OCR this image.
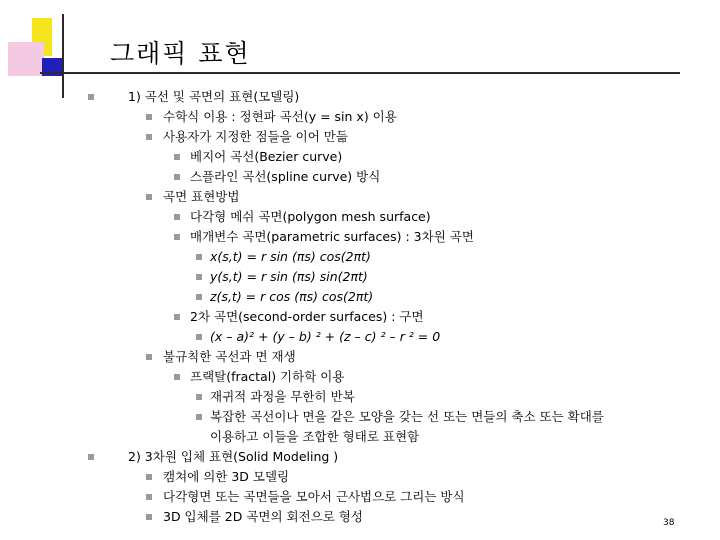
그래픽 표현
1) 곡선 및 곡면의 표현(모델링)
수학식 이용 : 정현파 곡선(y = sin x) 이용
사용자가 지정한 점들을 이어 만듦
베지어 곡선(Bezier curve)
스플라인 곡선(spline curve) 방식
곡면 표현방법
다각형 메쉬 곡면(polygon mesh surface)
매개변수 곡면(parametric surfaces) : 3차원 곡면
x(s,t) = r sin (πs) cos(2πt)
y(s,t) = r sin (πs) sin(2πt)
z(s,t) = r cos (πs) cos(2πt)
2차 곡면(second-order surfaces) : 구면
(x – a)² + (y – b) ² + (z – c) ² – r ² = 0
불규칙한 곡선과 면 재생
프랙탈(fractal) 기하학 이용
재귀적 과정을 무한히 반복
복잡한 곡선이나 면을 같은 모양을 갖는 선 또는 면들의 축소 또는 확대를
이용하고 이들을 조합한 형태로 표현함
2) 3차원 입체 표현(Solid Modeling )
캠쳐에 의한 3D 모델링
다각형면 또는 곡면들을 모아서 근사법으로 그리는 방식
3D 입체를 2D 곡면의 회전으로 형성	38
